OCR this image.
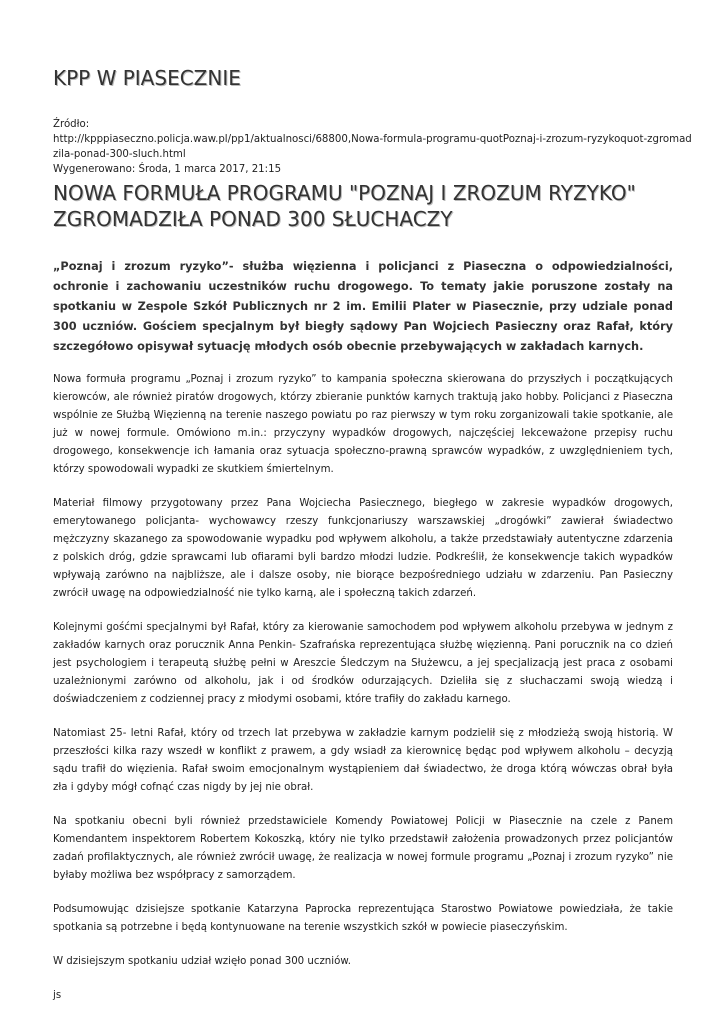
KPP W PIASECZNIE
Źródło:
http://kpppiaseczno.policja.waw.pl/pp1/aktualnosci/68800,Nowa-formula-programu-quotPoznaj-i-zrozum-ryzykoquot-zgromad
zila-ponad-300-sluch.html
Wygenerowano: Środa, 1 marca 2017, 21:15
NOWA FORMUŁA PROGRAMU "POZNAJ I ZROZUM RYZYKO"
ZGROMADZIŁA PONAD 300 SŁUCHACZY

„Poznaj i zrozum ryzyko”- służba więzienna i policjanci z Piaseczna o odpowiedzialności, ochronie i zachowaniu uczestników ruchu drogowego. To tematy jakie poruszone zostały na spotkaniu w Zespole Szkół Publicznych nr 2 im. Emilii Plater w Piasecznie, przy udziale ponad 300 uczniów. Gościem specjalnym był biegły sądowy Pan Wojciech Pasieczny oraz Rafał, który szczegółowo opisywał sytuację młodych osób obecnie przebywających w zakładach karnych.

Nowa formuła programu „Poznaj i zrozum ryzyko” to kampania społeczna skierowana do przyszłych i początkujących kierowców, ale również piratów drogowych, którzy zbieranie punktów karnych traktują jako hobby. Policjanci z Piaseczna wspólnie ze Służbą Więzienną na terenie naszego powiatu po raz pierwszy w tym roku zorganizowali takie spotkanie, ale już w nowej formule. Omówiono m.in.: przyczyny wypadków drogowych, najczęściej lekceważone przepisy ruchu drogowego, konsekwencje ich łamania oraz sytuacja społeczno-prawną sprawców wypadków, z uwzględnieniem tych, którzy spowodowali wypadki ze skutkiem śmiertelnym.

Materiał filmowy przygotowany przez Pana Wojciecha Pasiecznego, biegłego w zakresie wypadków drogowych, emerytowanego policjanta- wychowawcy rzeszy funkcjonariuszy warszawskiej „drogówki” zawierał świadectwo mężczyzny skazanego za spowodowanie wypadku pod wpływem alkoholu, a także przedstawiały autentyczne zdarzenia z polskich dróg, gdzie sprawcami lub ofiarami byli bardzo młodzi ludzie. Podkreślił, że konsekwencje takich wypadków wpływają zarówno na najbliższe, ale i dalsze osoby, nie biorące bezpośredniego udziału w zdarzeniu. Pan Pasieczny zwrócił uwagę na odpowiedzialność nie tylko karną, ale i społeczną takich zdarzeń.

Kolejnymi gośćmi specjalnymi był Rafał, który za kierowanie samochodem pod wpływem alkoholu przebywa w jednym z zakładów karnych oraz porucznik Anna Penkin- Szafrańska reprezentująca służbę więzienną. Pani porucznik na co dzień jest psychologiem i terapeutą służbę pełni w Areszcie Śledczym na Służewcu, a jej specjalizacją jest praca z osobami uzależnionymi zarówno od alkoholu, jak i od środków odurzających. Dzieliła się z słuchaczami swoją wiedzą i doświadczeniem z codziennej pracy z młodymi osobami, które trafiły do zakładu karnego.

Natomiast 25- letni Rafał, który od trzech lat przebywa w zakładzie karnym podzielił się z młodzieżą swoją historią. W przeszłości kilka razy wszedł w konflikt z prawem, a gdy wsiadł za kierownicę będąc pod wpływem alkoholu – decyzją sądu trafił do więzienia. Rafał swoim emocjonalnym wystąpieniem dał świadectwo, że droga którą wówczas obrał była zła i gdyby mógł cofnąć czas nigdy by jej nie obrał.

Na spotkaniu obecni byli również przedstawiciele Komendy Powiatowej Policji w Piasecznie na czele z Panem Komendantem inspektorem Robertem Kokoszką, który nie tylko przedstawił założenia prowadzonych przez policjantów zadań profilaktycznych, ale również zwrócił uwagę, że realizacja w nowej formule programu „Poznaj i zrozum ryzyko” nie byłaby możliwa bez współpracy z samorządem.

Podsumowując dzisiejsze spotkanie Katarzyna Paprocka reprezentująca Starostwo Powiatowe powiedziała, że takie spotkania są potrzebne i będą kontynuowane na terenie wszystkich szkół w powiecie piaseczyńskim.

W dzisiejszym spotkaniu udział wzięło ponad 300 uczniów.

js
